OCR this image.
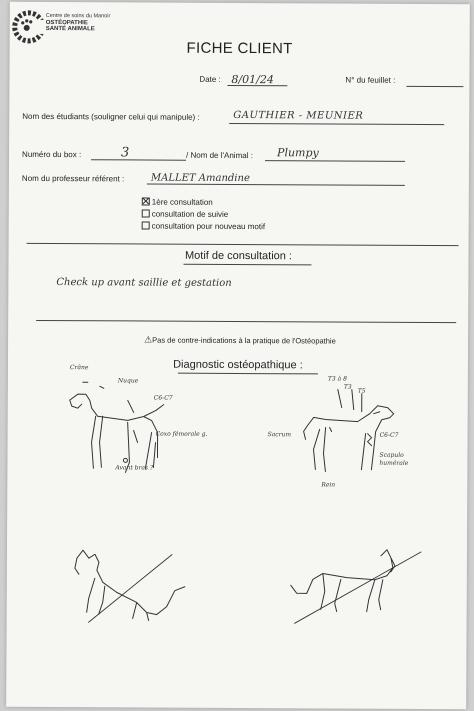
Centre de soins du Manoir
OSTÉOPATHIE
SANTÉ ANIMALE
FICHE CLIENT
Date : 8/01/24	N° du feuillet :
Nom des étudiants (souligner celui qui manipule) :	GAUTHIER - MEUNIER
Numéro du box :	3	/ Nom de l'Animal : Plumpy
Nom du professeur référent :	MALLET Amandine
1ère consultation
consultation de suivie
consultation pour nouveau motif
Motif de consultation :
Check up avant saillie et gestation
⚠Pas de contre-indications à la pratique de l'Ostéopathie
Diagnostic ostéopathique :
Crâne
Nuque
C6-C7
Coxo fémorale g.
Avant bras ?
T3 à 8
T3
T5
Sacrum	C6-C7
Scapulo humérale
Rein
